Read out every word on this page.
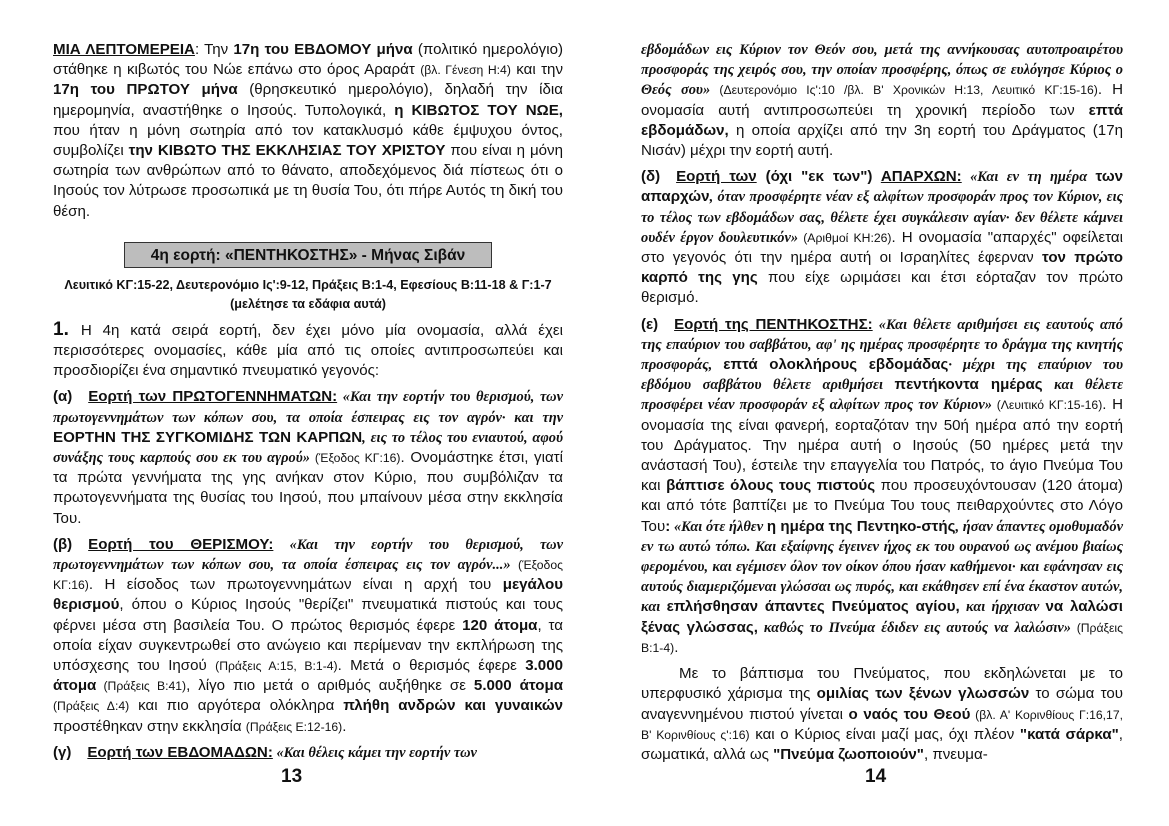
ΜΙΑ ΛΕΠΤΟΜΕΡΕΙΑ: Την 17η του ΕΒΔΟΜΟΥ μήνα (πολιτικό ημερολόγιο) στάθηκε η κιβωτός του Νώε επάνω στο όρος Αραράτ (βλ. Γένεση Η:4) και την 17η του ΠΡΩΤΟΥ μήνα (θρησκευτικό ημερολόγιο), δηλαδή την ίδια ημερομηνία, αναστήθηκε ο Ιησούς. Τυπολογικά, η ΚΙΒΩΤΟΣ ΤΟΥ ΝΩΕ, που ήταν η μόνη σωτηρία από τον κατακλυσμό κάθε έμψυχου όντος, συμβολίζει την ΚΙΒΩΤΟ ΤΗΣ ΕΚΚΛΗΣΙΑΣ ΤΟΥ ΧΡΙΣΤΟΥ που είναι η μόνη σωτηρία των ανθρώπων από το θάνατο, αποδεχόμενος διά πίστεως ότι ο Ιησούς τον λύτρωσε προσωπικά με τη θυσία Του, ότι πήρε Αυτός τη δική του θέση.

4η εορτή: «ΠΕΝΤΗΚΟΣΤΗΣ» - Μήνας Σιβάν

Λευιτικό ΚΓ:15-22, Δευτερονόμιο Ις':9-12, Πράξεις Β:1-4, Εφεσίους Β:11-18 & Γ:1-7 (μελέτησε τα εδάφια αυτά)

1. Η 4η κατά σειρά εορτή, δεν έχει μόνο μία ονομασία, αλλά έχει περισσότερες ονομασίες, κάθε μία από τις οποίες αντιπροσωπεύει και προσδιορίζει ένα σημαντικό πνευματικό γεγονός:

(α) Εορτή των ΠΡΩΤΟΓΕΝΝΗΜΑΤΩΝ: «Και την εορτήν του θερισμού, των πρωτογεννημάτων των κόπων σου, τα οποία έσπειρας εις τον αγρόν· και την ΕΟΡΤΗΝ ΤΗΣ ΣΥΓΚΟΜΙΔΗΣ ΤΩΝ ΚΑΡΠΩΝ, εις το τέλος του ενιαυτού, αφού συνάξης τους καρπούς σου εκ του αγρού» (Έξοδος ΚΓ:16). Ονομάστηκε έτσι, γιατί τα πρώτα γεννήματα της γης ανήκαν στον Κύριο, που συμβόλιζαν τα πρωτογεννήματα της θυσίας του Ιησού, που μπαίνουν μέσα στην εκκλησία Του.

(β) Εορτή του ΘΕΡΙΣΜΟΥ: «Και την εορτήν του θερισμού, των πρωτογεννημάτων των κόπων σου, τα οποία έσπειρας εις τον αγρόν...» (Έξοδος ΚΓ:16). Η είσοδος των πρωτογεννημάτων είναι η αρχή του μεγάλου θερισμού, όπου ο Κύριος Ιησούς "θερίζει" πνευματικά πιστούς και τους φέρνει μέσα στη βασιλεία Του. Ο πρώτος θερισμός έφερε 120 άτομα, τα οποία είχαν συγκεντρωθεί στο ανώγειο και περίμεναν την εκπλήρωση της υπόσχεσης του Ιησού (Πράξεις Α:15, Β:1-4). Μετά ο θερισμός έφερε 3.000 άτομα (Πράξεις Β:41), λίγο πιο μετά ο αριθμός αυξήθηκε σε 5.000 άτομα (Πράξεις Δ:4) και πιο αργότερα ολόκληρα πλήθη ανδρών και γυναικών προστέθηκαν στην εκκλησία (Πράξεις Ε:12-16).

(γ) Εορτή των ΕΒΔΟΜΑΔΩΝ: «Και θέλεις κάμει την εορτήν των

13

εβδομάδων εις Κύριον τον Θεόν σου, μετά της αννήκουσας αυτοπροαιρέτου προσφοράς της χειρός σου, την οποίαν προσφέρης, όπως σε ευλόγησε Κύριος ο Θεός σου» (Δευτερονόμιο Ις':10 /βλ. Β' Χρονικών Η:13, Λευιτικό ΚΓ:15-16). Η ονομασία αυτή αντιπροσωπεύει τη χρονική περίοδο των επτά εβδομάδων, η οποία αρχίζει από την 3η εορτή του Δράγματος (17η Νισάν) μέχρι την εορτή αυτή.

(δ) Εορτή των (όχι "εκ των") ΑΠΑΡΧΩΝ: «Και εν τη ημέρα των απαρχών, όταν προσφέρητε νέαν εξ αλφίτων προσφοράν προς τον Κύριον, εις το τέλος των εβδομάδων σας, θέλετε έχει συγκάλεσιν αγίαν· δεν θέλετε κάμνει ουδέν έργον δουλευτικόν» (Αριθμοί ΚΗ:26). Η ονομασία "απαρχές" οφείλεται στο γεγονός ότι την ημέρα αυτή οι Ισραηλίτες έφερναν τον πρώτο καρπό της γης που είχε ωριμάσει και έτσι εόρταζαν τον πρώτο θερισμό.

(ε) Εορτή της ΠΕΝΤΗΚΟΣΤΗΣ: «Και θέλετε αριθμήσει εις εαυτούς από της επαύριον του σαββάτου, αφ' ης ημέρας προσφέρητε το δράγμα της κινητής προσφοράς, επτά ολοκλήρους εβδομάδας· μέχρι της επαύριον του εβδόμου σαββάτου θέλετε αριθμήσει πεντήκοντα ημέρας και θέλετε προσφέρει νέαν προσφοράν εξ αλφίτων προς τον Κύριον» (Λευιτικό ΚΓ:15-16). Η ονομασία της είναι φανερή, εορταζόταν την 50ή ημέρα από την εορτή του Δράγματος. Την ημέρα αυτή ο Ιησούς (50 ημέρες μετά την ανάστασή Του), έστειλε την επαγγελία του Πατρός, το άγιο Πνεύμα Του και βάπτισε όλους τους πιστούς που προσευχόντουσαν (120 άτομα) και από τότε βαπτίζει με το Πνεύμα Του τους πειθαρχούντες στο Λόγο Του: «Και ότε ήλθεν η ημέρα της Πεντηκο-στής, ήσαν άπαντες ομοθυμαδόν εν τω αυτώ τόπω. Και εξαίφνης έγεινεν ήχος εκ του ουρανού ως ανέμου βιαίως φερομένου, και εγέμισεν όλον τον οίκον όπου ήσαν καθήμενοι· και εφάνησαν εις αυτούς διαμεριζόμεναι γλώσσαι ως πυρός, και εκάθησεν επί ένα έκαστον αυτών, και επλήσθησαν άπαντες Πνεύματος αγίου, και ήρχισαν να λαλώσι ξένας γλώσσας, καθώς το Πνεύμα έδιδεν εις αυτούς να λαλώσιν» (Πράξεις Β:1-4).

Με το βάπτισμα του Πνεύματος, που εκδηλώνεται με το υπερφυσικό χάρισμα της ομιλίας των ξένων γλωσσών το σώμα του αναγεννημένου πιστού γίνεται ο ναός του Θεού (βλ. Α' Κορινθίους Γ:16,17, Β' Κορινθίους ς':16) και ο Κύριος είναι μαζί μας, όχι πλέον "κατά σάρκα", σωματικά, αλλά ως "Πνεύμα ζωοποιούν", πνευμα-

14
